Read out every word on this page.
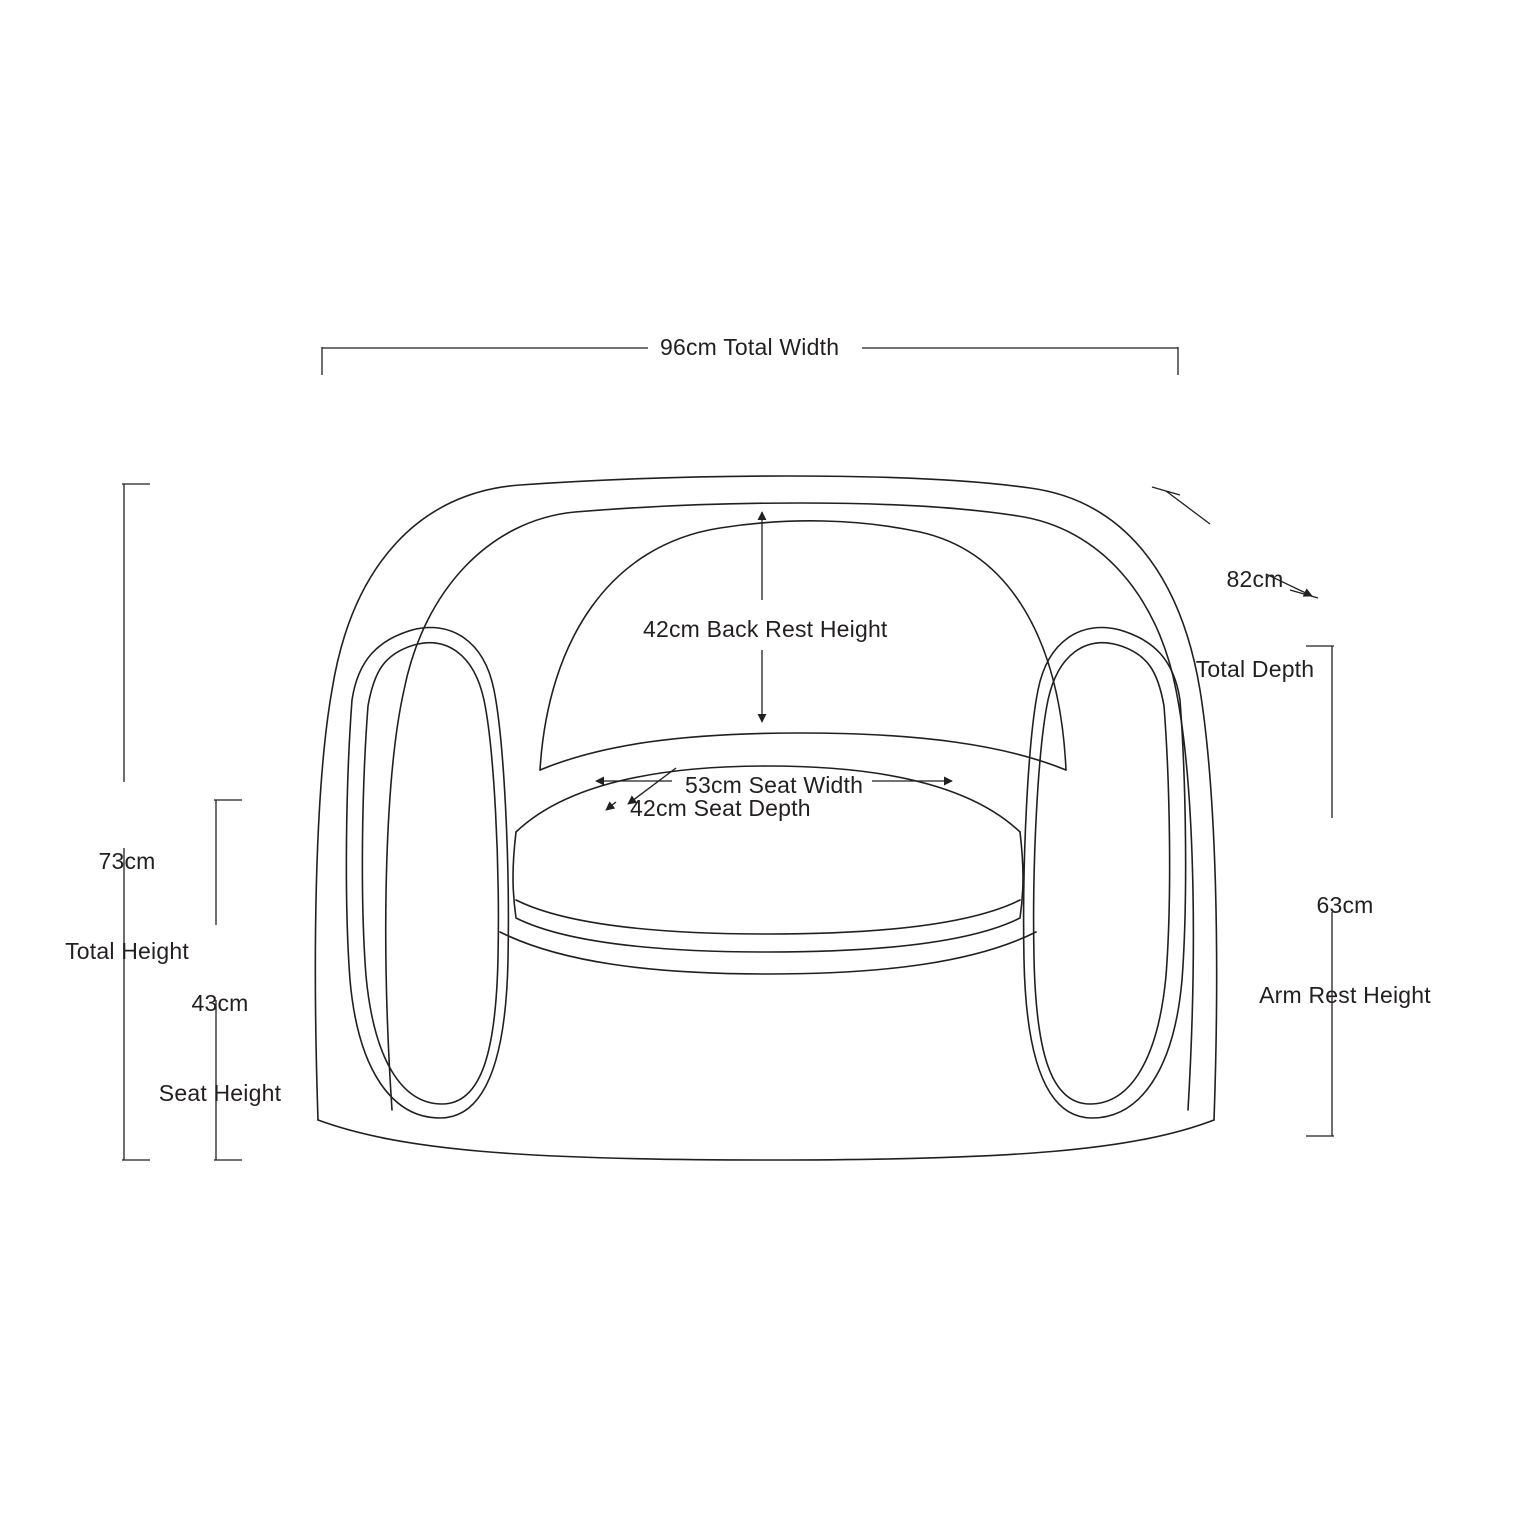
96cm Total Width

73cm

Total Height

43cm

Seat Height

82cm

Total Depth

63cm

Arm Rest Height

42cm Back Rest Height
53cm Seat Width
42cm Seat Depth
